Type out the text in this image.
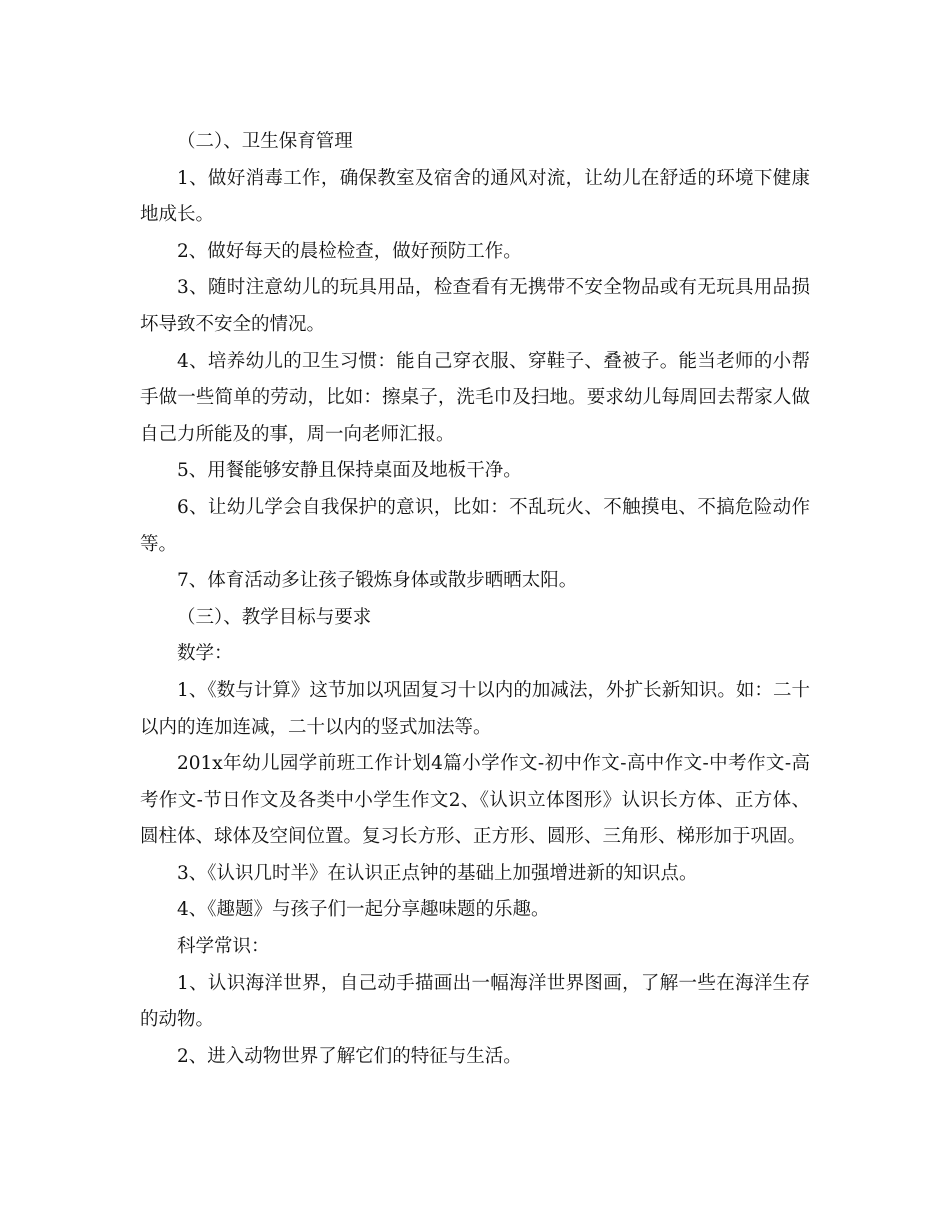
（二）、卫生保育管理

1、做好消毒工作，确保教室及宿舍的通风对流，让幼儿在舒适的环境下健康地成长。

2、做好每天的晨检检查，做好预防工作。

3、随时注意幼儿的玩具用品，检查看有无携带不安全物品或有无玩具用品损坏导致不安全的情况。

4、培养幼儿的卫生习惯：能自己穿衣服、穿鞋子、叠被子。能当老师的小帮手做一些简单的劳动，比如：擦桌子，洗毛巾及扫地。要求幼儿每周回去帮家人做自己力所能及的事，周一向老师汇报。

5、用餐能够安静且保持桌面及地板干净。

6、让幼儿学会自我保护的意识，比如：不乱玩火、不触摸电、不搞危险动作等。

7、体育活动多让孩子锻炼身体或散步晒晒太阳。

（三）、教学目标与要求

数学：

1、《数与计算》这节加以巩固复习十以内的加减法，外扩长新知识。如：二十以内的连加连减，二十以内的竖式加法等。

201x年幼儿园学前班工作计划4篇小学作文-初中作文-高中作文-中考作文-高考作文-节日作文及各类中小学生作文2、《认识立体图形》认识长方体、正方体、圆柱体、球体及空间位置。复习长方形、正方形、圆形、三角形、梯形加于巩固。

3、《认识几时半》在认识正点钟的基础上加强增进新的知识点。

4、《趣题》与孩子们一起分享趣味题的乐趣。

科学常识：

1、认识海洋世界，自己动手描画出一幅海洋世界图画，了解一些在海洋生存的动物。

2、进入动物世界了解它们的特征与生活。
